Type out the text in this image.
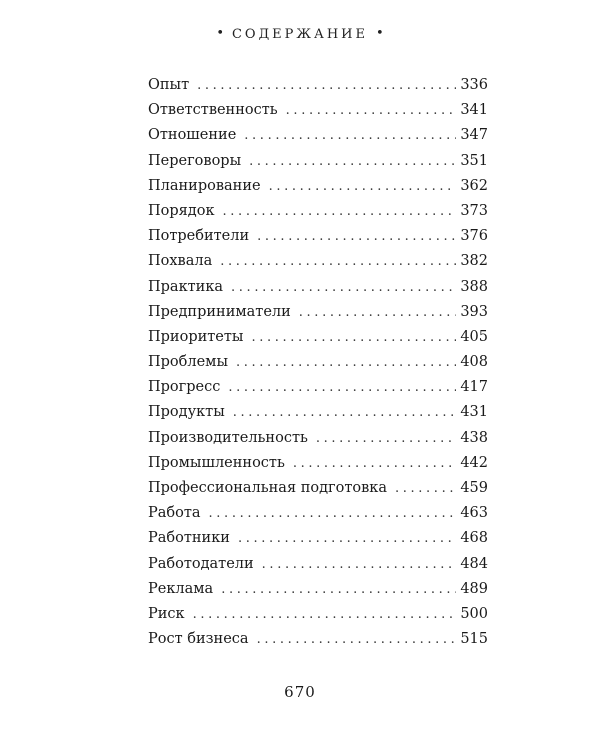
• СОДЕРЖАНИЕ •
Опыт . . .	336
Ответственность . . .	341
Отношение . . .	347
Переговоры . . .	351
Планирование . . .	362
Порядок . . .	373
Потребители . . .	376
Похвала . . .	382
Практика . . .	388
Предприниматели . . .	393
Приоритеты . . .	405
Проблемы . . .	408
Прогресс . . .	417
Продукты . . .	431
Производительность . . .	438
Промышленность . . .	442
Профессиональная подготовка . . .	459
Работа . . .	463
Работники . . .	468
Работодатели . . .	484
Реклама . . .	489
Риск . . .	500
Рост бизнеса . . .	515
670
